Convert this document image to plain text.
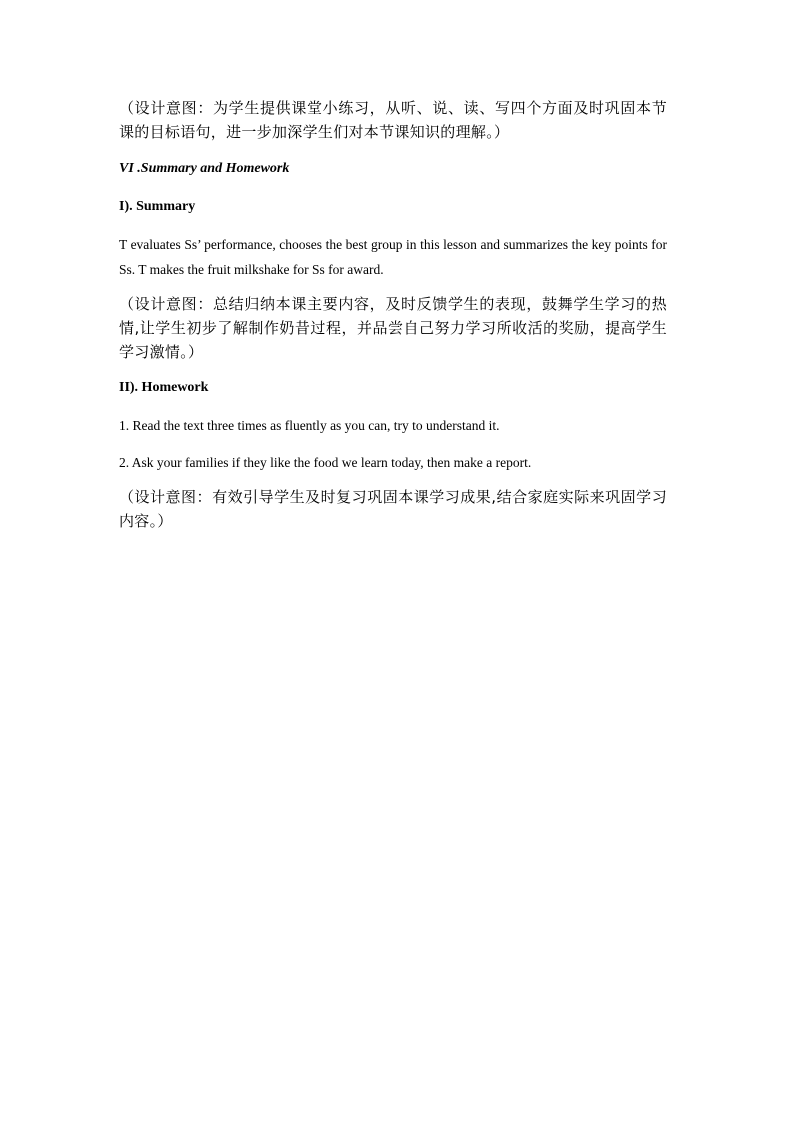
（设计意图：为学生提供课堂小练习，从听、说、读、写四个方面及时巩固本节课的目标语句，进一步加深学生们对本节课知识的理解。）

VI .Summary and Homework

I). Summary

T evaluates Ss’ performance, chooses the best group in this lesson and summarizes the key points for Ss. T makes the fruit milkshake for Ss for award.

（设计意图：总结归纳本课主要内容，及时反馈学生的表现，鼓舞学生学习的热情,让学生初步了解制作奶昔过程，并品尝自己努力学习所收活的奖励，提高学生学习激情。）

II). Homework

1. Read the text three times as fluently as you can, try to understand it.

2. Ask your families if they like the food we learn today, then make a report.

（设计意图：有效引导学生及时复习巩固本课学习成果,结合家庭实际来巩固学习内容。）
